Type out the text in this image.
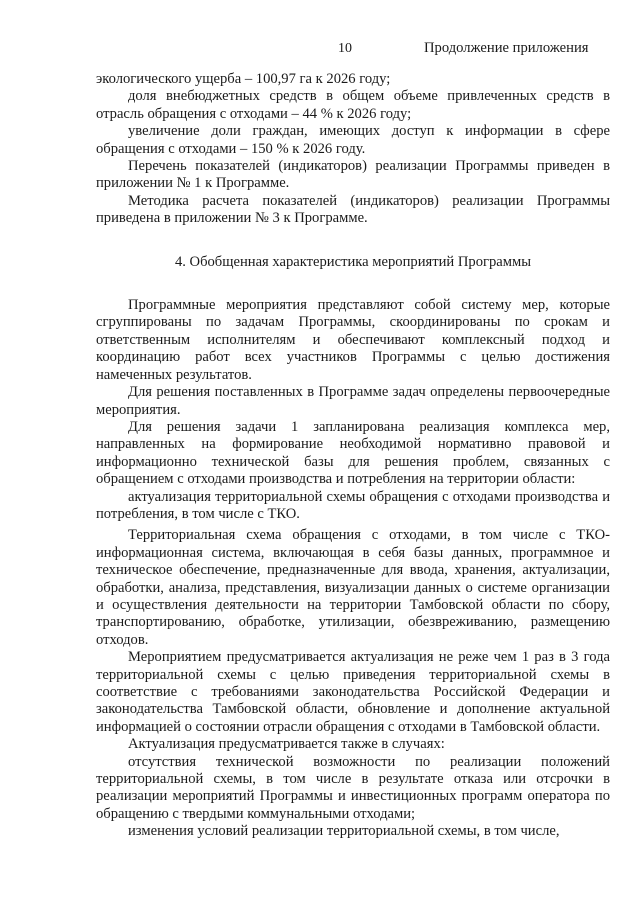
10	Продолжение приложения

экологического ущерба – 100,97 га к 2026 году;

доля внебюджетных средств в общем объеме привлеченных средств в отрасль обращения с отходами – 44 % к 2026 году;

увеличение доли граждан, имеющих доступ к информации в сфере обращения с отходами – 150 % к 2026 году.

Перечень показателей (индикаторов) реализации Программы приведен в приложении № 1 к Программе.

Методика расчета показателей (индикаторов) реализации Программы приведена в приложении № 3 к Программе.

4. Обобщенная характеристика мероприятий Программы

Программные мероприятия представляют собой систему мер, которые сгруппированы по задачам Программы, скоординированы по срокам и ответственным исполнителям и обеспечивают комплексный подход и координацию работ всех участников Программы с целью достижения намеченных результатов.

Для решения поставленных в Программе задач определены первоочередные мероприятия.

Для решения задачи 1 запланирована реализация комплекса мер, направленных на формирование необходимой нормативно правовой и информационно технической базы для решения проблем, связанных с обращением с отходами производства и потребления на территории области:

актуализация территориальной схемы обращения с отходами производства и потребления, в том числе с ТКО.

Территориальная схема обращения с отходами, в том числе с ТКО-информационная система, включающая в себя базы данных, программное и техническое обеспечение, предназначенные для ввода, хранения, актуализации, обработки, анализа, представления, визуализации данных о системе организации и осуществления деятельности на территории Тамбовской области по сбору, транспортированию, обработке, утилизации, обезвреживанию, размещению отходов.

Мероприятием предусматривается актуализация не реже чем 1 раз в 3 года территориальной схемы с целью приведения территориальной схемы в соответствие с требованиями законодательства Российской Федерации и законодательства Тамбовской области, обновление и дополнение актуальной информацией о состоянии отрасли обращения с отходами в Тамбовской области.

Актуализация предусматривается также в случаях:

отсутствия технической возможности по реализации положений территориальной схемы, в том числе в результате отказа или отсрочки в реализации мероприятий Программы и инвестиционных программ оператора по обращению с твердыми коммунальными отходами;

изменения условий реализации территориальной схемы, в том числе,
